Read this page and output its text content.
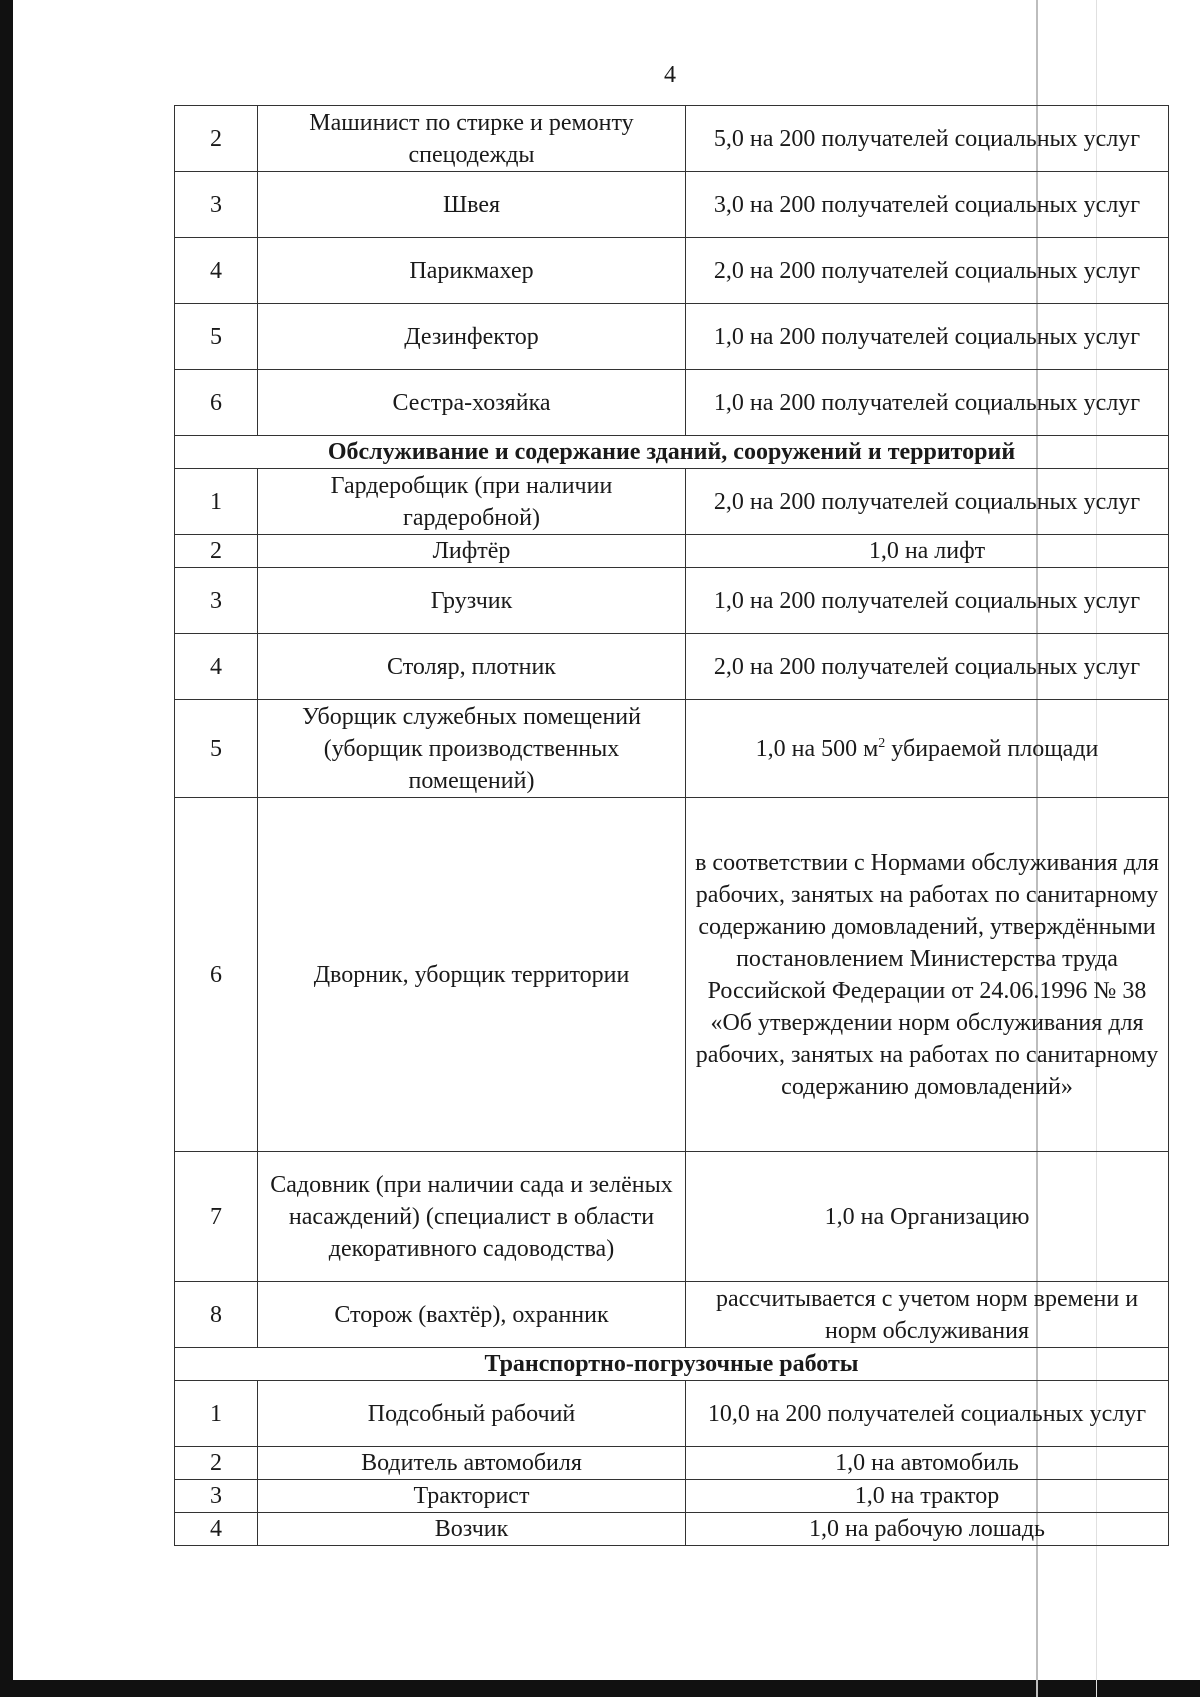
4
2	Машинист по стирке и ремонту спецодежды	5,0 на 200 получателей социальных услуг
3	Швея	3,0 на 200 получателей социальных услуг
4	Парикмахер	2,0 на 200 получателей социальных услуг
5	Дезинфектор	1,0 на 200 получателей социальных услуг
6	Сестра-хозяйка	1,0 на 200 получателей социальных услуг
Обслуживание и содержание зданий, сооружений и территорий		
1	Гардеробщик (при наличии гардеробной)	2,0 на 200 получателей социальных услуг
2	Лифтёр	1,0 на лифт
3	Грузчик	1,0 на 200 получателей социальных услуг
4	Столяр, плотник	2,0 на 200 получателей социальных услуг
5	Уборщик служебных помещений (уборщик производственных помещений)	1,0 на 500 $м^2$ убираемой площади
6	Дворник, уборщик территории	в соответствии с Нормами обслуживания для рабочих, занятых на работах по санитарному содержанию домовладений, утверждёнными постановлением Министерства труда Российской Федерации от 24.06.1996 № 38 «Об утверждении норм обслуживания для рабочих, занятых на работах по санитарному содержанию домовладений»
7	Садовник (при наличии сада и зелёных насаждений) (специалист в области декоративного садоводства)	1,0 на Организацию
8	Сторож (вахтёр), охранник	рассчитывается с учетом норм времени и норм обслуживания
Транспортно-погрузочные работы		
1	Подсобный рабочий	10,0 на 200 получателей социальных услуг
2	Водитель автомобиля	1,0 на автомобиль
3	Тракторист	1,0 на трактор
4	Возчик	1,0 на рабочую лошадь
